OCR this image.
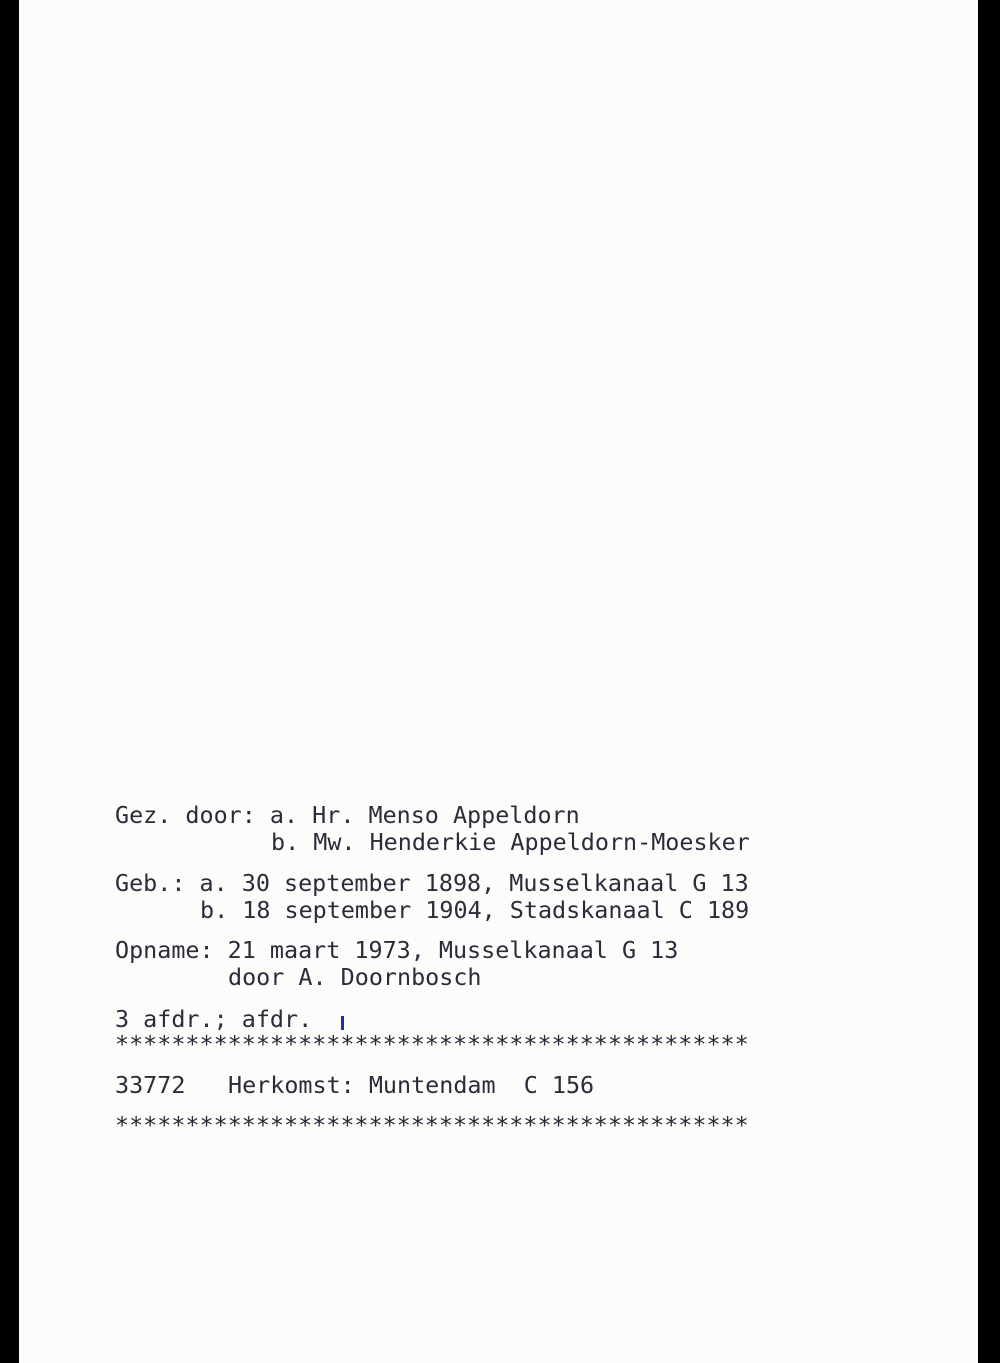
Gez. door: a. Hr. Menso Appeldorn
b. Mw. Henderkie Appeldorn-Moesker
Geb.: a. 30 september 1898, Musselkanaal G 13
b. 18 september 1904, Stadskanaal C 189
Opname: 21 maart 1973, Musselkanaal G 13
door A. Doornbosch
3 afdr.; afdr.
*********************************************
33772 Herkomst: Muntendam  C 156
*********************************************
